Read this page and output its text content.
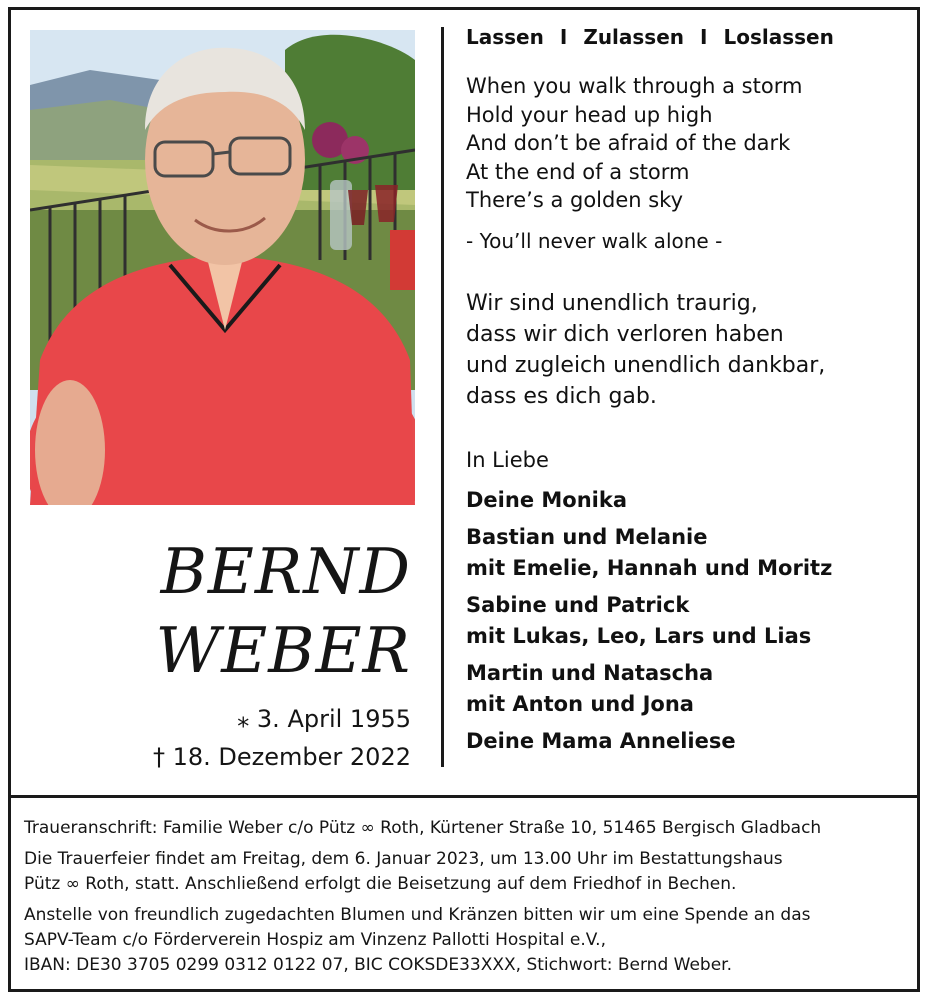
BERND
WEBER
⁎ 3. April 1955
† 18. Dezember 2022
Lassen I Zulassen I Loslassen
When you walk through a storm
Hold your head up high
And don’t be afraid of the dark
At the end of a storm
There’s a golden sky
- You’ll never walk alone -
Wir sind unendlich traurig,
dass wir dich verloren haben
und zugleich unendlich dankbar,
dass es dich gab.
In Liebe
Deine Monika
Bastian und Melanie
mit Emelie, Hannah und Moritz
Sabine und Patrick
mit Lukas, Leo, Lars und Lias
Martin und Natascha
mit Anton und Jona
Deine Mama Anneliese
Traueranschrift: Familie Weber c/o Pütz ∞ Roth, Kürtener Straße 10, 51465 Bergisch Gladbach
Die Trauerfeier findet am Freitag, dem 6. Januar 2023, um 13.00 Uhr im Bestattungshaus
Pütz ∞ Roth, statt. Anschließend erfolgt die Beisetzung auf dem Friedhof in Bechen.
Anstelle von freundlich zugedachten Blumen und Kränzen bitten wir um eine Spende an das
SAPV-Team c/o Förderverein Hospiz am Vinzenz Pallotti Hospital e.V.,
IBAN: DE30 3705 0299 0312 0122 07, BIC COKSDE33XXX, Stichwort: Bernd Weber.
